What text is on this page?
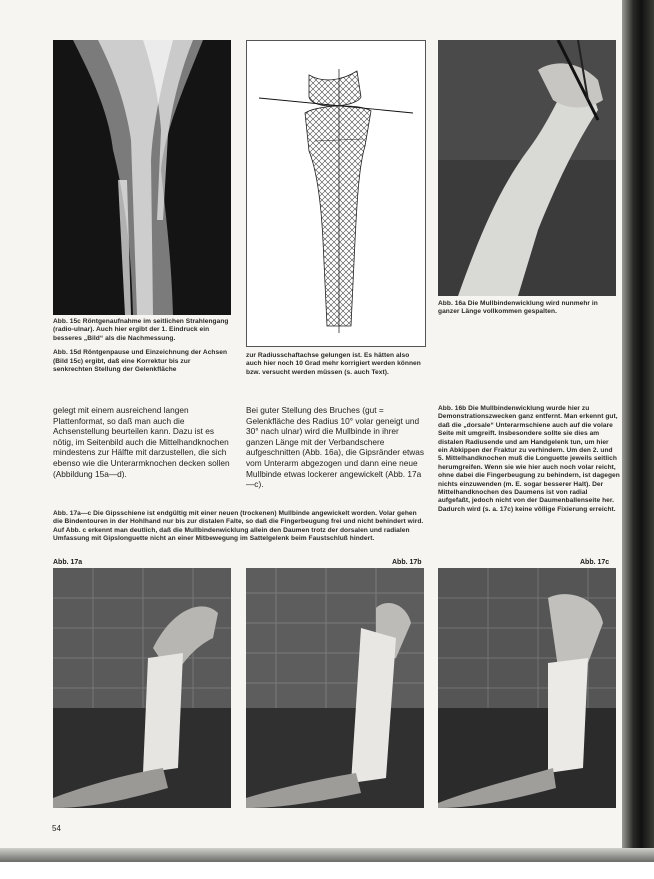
Abb. 15c Röntgenaufnahme im seitlichen Strahlengang (radio-ulnar). Auch hier ergibt der 1. Eindruck ein besseres „Bild“ als die Nachmessung.

Abb. 15d Röntgenpause und Einzeichnung der Achsen (Bild 15c) ergibt, daß eine Korrektur bis zur senkrechten Stellung der Gelenkfläche

zur Radiusschaftachse gelungen ist. Es hätten also auch hier noch 10 Grad mehr korrigiert werden können bzw. versucht werden müssen (s. auch Text).

Abb. 16a Die Mullbindenwicklung wird nunmehr in ganzer Länge vollkommen gespalten.

gelegt mit einem ausreichend langen Plattenformat, so daß man auch die Achsenstellung beurteilen kann. Dazu ist es nötig, im Seitenbild auch die Mittelhandknochen mindestens zur Hälfte mit darzustellen, die sich ebenso wie die Unterarmknochen decken sollen (Abbildung 15a—d).
Bei guter Stellung des Bruches (gut = Gelenkfläche des Radius 10° volar geneigt und 30° nach ulnar) wird die Mullbinde in ihrer ganzen Länge mit der Verbandschere aufgeschnitten (Abb. 16a), die Gipsränder etwas vom Unterarm abgezogen und dann eine neue Mullbinde etwas lockerer angewickelt (Abb. 17a—c).

Abb. 16b Die Mullbindenwicklung wurde hier zu Demonstrationszwecken ganz entfernt. Man erkennt gut, daß die „dorsale“ Unterarmschiene auch auf die volare Seite mit umgreift. Insbesondere sollte sie dies am distalen Radiusende und am Handgelenk tun, um hier ein Abkippen der Fraktur zu verhindern. Um den 2. und 5. Mittelhandknochen muß die Longuette jeweils seitlich herumgreifen. Wenn sie wie hier auch noch volar reicht, ohne dabei die Fingerbeugung zu behindern, ist dagegen nichts einzuwenden (m. E. sogar besserer Halt). Der Mittelhandknochen des Daumens ist von radial aufgefaßt, jedoch nicht von der Daumenballenseite her. Dadurch wird (s. a. 17c) keine völlige Fixierung erreicht.

Abb. 17a—c Die Gipsschiene ist endgültig mit einer neuen (trockenen) Mullbinde angewickelt worden. Volar gehen die Bindentouren in der Hohlhand nur bis zur distalen Falte, so daß die Fingerbeugung frei und nicht behindert wird. Auf Abb. c erkennt man deutlich, daß die Mullbindenwicklung allein den Daumen trotz der dorsalen und radialen Umfassung mit Gipslonguette nicht an einer Mitbewegung im Sattelgelenk beim Faustschluß hindert.

Abb. 17a	Abb. 17b	Abb. 17c
54
